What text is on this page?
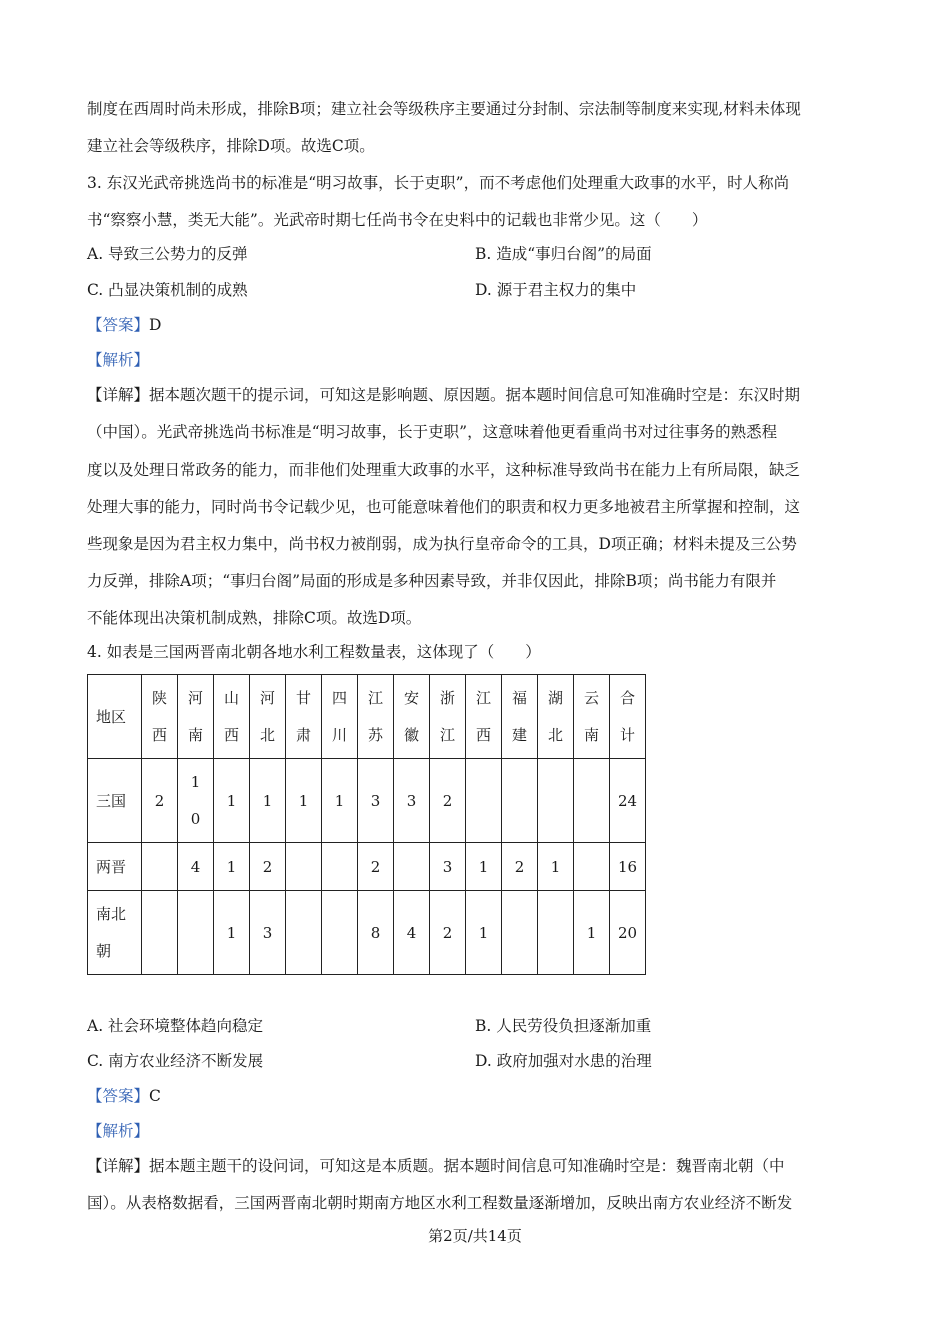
制度在西周时尚未形成，排除B项；建立社会等级秩序主要通过分封制、宗法制等制度来实现,材料未体现
建立社会等级秩序，排除D项。故选C项。
3. 东汉光武帝挑选尚书的标准是“明习故事，长于吏职”，而不考虑他们处理重大政事的水平，时人称尚
书“察察小慧，类无大能”。光武帝时期七任尚书令在史料中的记载也非常少见。这（　　）
A. 导致三公势力的反弹	B. 造成“事归台阁”的局面
C. 凸显决策机制的成熟	D. 源于君主权力的集中
【答案】D
【解析】
【详解】据本题次题干的提示词，可知这是影响题、原因题。据本题时间信息可知准确时空是：东汉时期
（中国）。光武帝挑选尚书标准是“明习故事，长于吏职”，这意味着他更看重尚书对过往事务的熟悉程
度以及处理日常政务的能力，而非他们处理重大政事的水平，这种标准导致尚书在能力上有所局限，缺乏
处理大事的能力，同时尚书令记载少见，也可能意味着他们的职责和权力更多地被君主所掌握和控制，这
些现象是因为君主权力集中，尚书权力被削弱，成为执行皇帝命令的工具，D项正确；材料未提及三公势
力反弹，排除A项；“事归台阁”局面的形成是多种因素导致，并非仅因此，排除B项；尚书能力有限并
不能体现出决策机制成熟，排除C项。故选D项。
4. 如表是三国两晋南北朝各地水利工程数量表，这体现了（　　）
地区	陕西	河南	山西	河北	甘肃	四川	江苏	安徽	浙江	江西	福建	湖北	云南	合计
三国	2	10	1	1	1	1	3	3	2					24
两晋		4	1	2			2		3	1	2	1		16
南北朝			1	3			8	4	2	1			1	20
A. 社会环境整体趋向稳定	B. 人民劳役负担逐渐加重
C. 南方农业经济不断发展	D. 政府加强对水患的治理
【答案】C
【解析】
【详解】据本题主题干的设问词，可知这是本质题。据本题时间信息可知准确时空是：魏晋南北朝（中
国）。从表格数据看，三国两晋南北朝时期南方地区水利工程数量逐渐增加，反映出南方农业经济不断发
第2页/共14页
